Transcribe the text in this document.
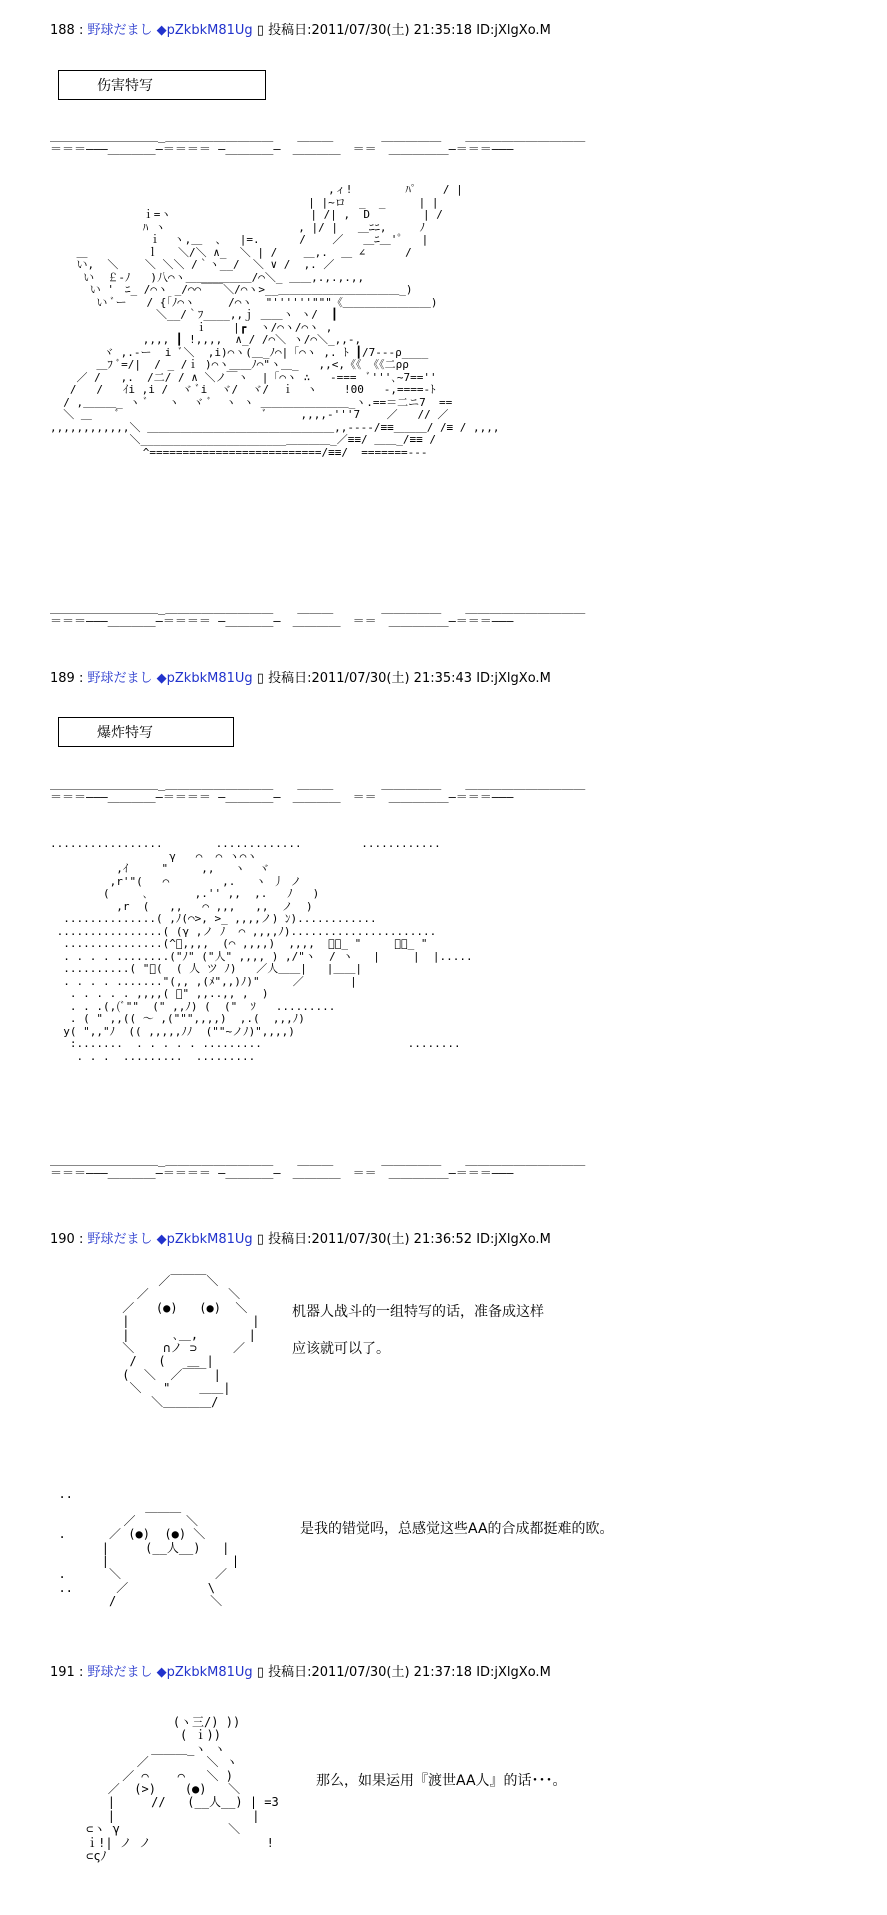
188 : 野球だまし ◆pZkbkM81Ug ▯ 投稿日:2011/07/30(土) 21:35:18 ID:jXlgXo.M
伤害特写
＿＿＿＿＿＿＿＿＿_＿＿＿＿＿＿＿＿＿　　＿＿＿　　　　＿＿＿＿＿　　＿＿＿＿＿＿＿＿＿＿
＝＝＝―――＿＿＿＿―＝＝＝＝ ―＿＿＿＿―　＿＿＿＿　＝＝　＿＿＿＿＿―＝＝＝―――
,ィ!        ﾊﾟ    / |
| |~ロ  _  _     | |
ｉ=ヽ                     | /| ,  D        | /
ﾊ ヽ                    , |/ |   ＿ﾆﾆ,     ﾉ
ｉ  ヽ,＿  、  |=.      /    ／   ＿ﾆ＿'゜  |
＿         ｌ   ＼/＼ ∧_  ＼ | /    ＿,.  ＿ ∠      /
い,  ＼    ＼ ＼＼ /｀ヽ__/  ＼ ∨ /  ,. ／
い  ￡-ﾉ   )八⌒ヽ＿＿＿＿＿＿/⌒＼_ ＿＿,.,.,.,,
い '　ﾆ_ /⌒ヽ _/⌒⌒￣￣＼/⌒ヽ>__＿＿＿＿＿＿＿＿＿＿＿_)
い ﾞー   / {「ﾉ⌒ヽ     /⌒ヽ  "''''''"""《＿＿＿＿＿＿＿＿)
＼__/｀ﾌ____,,ｊ ＿＿ヽ ヽ/  ┃
ｉ    |┏  ヽ/⌒ヽ/⌒ヽ ,
,,,, ┃ !,,,,  ∧_/ /⌒＼ ヽ/⌒＼_,,-,
ヾ ,.-ー  i ﾞ＼  ,i)⌒ヽ(＿_ﾉ⌒|「⌒ヽ ,. ﾄ ┃/7---ρ____
＿ﾌ ﾞ=/|  / _ /ｉ )⌒ヽ＿＿ﾉ⌒"ヽ＿_   ,,<,《《 《《二ρρ
／ /   ,.  /二/ / ∧ ＼ノ￣ヽ  |「⌒ヽ ∴   -===  ﾞ'''､~7==''
/   /   ｲi ,i /  ヾ ﾞi  ヾ/  ヾ/  ｉ  ヽ    !00   -,====-ﾄ
/ ,＿＿＿_ ヽ ﾞ   ヽ  ヾ ﾞ  ヽ ヽ ＿＿＿＿＿＿＿＿_ヽ.==＝二ニ7  ==
＼ ＿    ﾞ                      ﾞ     ,,,,-'''7    ／   // ／
,,,,,,,,,,,,＼ ＿＿＿＿＿＿＿＿＿＿＿＿＿＿＿＿＿,,----/≡≡＿＿＿/ /≡ / ,,,,
＼______________________＿＿＿＿_／≡≡/ ＿＿_/≡≡ /
^==========================/≡≡/  =======---
＿＿＿＿＿＿＿＿＿_＿＿＿＿＿＿＿＿＿　　＿＿＿　　　　＿＿＿＿＿　　＿＿＿＿＿＿＿＿＿＿
＝＝＝―――＿＿＿＿―＝＝＝＝ ―＿＿＿＿―　＿＿＿＿　＝＝　＿＿＿＿＿―＝＝＝―――
189 : 野球だまし ◆pZkbkM81Ug ▯ 投稿日:2011/07/30(土) 21:35:43 ID:jXlgXo.M
爆炸特写
＿＿＿＿＿＿＿＿＿_＿＿＿＿＿＿＿＿＿　　＿＿＿　　　　＿＿＿＿＿　　＿＿＿＿＿＿＿＿＿＿
＝＝＝―――＿＿＿＿―＝＝＝＝ ―＿＿＿＿―　＿＿＿＿　＝＝　＿＿＿＿＿―＝＝＝―――
.................        .............         ............
γ   ⌒  ⌒ ヽ⌒ヽ
,ｲ     "     ,,   ヽ  ヾ
,r'"(   ⌒        ,.   ヽ 丿 ノ
(     ､       ,.'' ,,  ,.   ﾉ   )
,r  (   ,,   ⌒ ,,,   ,,  ノ  )
..............( ,ﾉ(⌒>, >_ ,,,,ノ) ﾝ)............
................( (γ ,ノ ﾉ  ⌒ ,,,,ﾉ)......................
...............(^ﾞ,,,,  (⌒ ,,,,)  ,,,,  ＿＿_ "     ＿＿_ "
. . . . ........("ﾉ" ("人" ,,,, ) ,/"ヽ  / ヽ   |     |  |.....
..........( "ﾞ(  ( 人 ツ ﾉ)   ／人＿＿|   |＿＿|
. . . . ......."(,, ,(ﾒ",,)ﾉ)"     ／       |
. . . . . ,,,,( ﾞ" ,,..,, ,  )
. . .(,(ﾞ""  (" ,,ﾉ) (  ("  ｿ   .........
. ( " ,,(( ～ ,(""",,,,)  ,.(  ,,,ﾉ)
y( ",,"ﾉ  (( ,,,,,ﾉﾉ  (""~ノﾉ)",,,,)
:.......  . . . . . .........                      ........
. . .  .........  .........
＿＿＿＿＿＿＿＿＿_＿＿＿＿＿＿＿＿＿　　＿＿＿　　　　＿＿＿＿＿　　＿＿＿＿＿＿＿＿＿＿
＝＝＝―――＿＿＿＿―＝＝＝＝ ―＿＿＿＿―　＿＿＿＿　＝＝　＿＿＿＿＿―＝＝＝―――
190 : 野球だまし ◆pZkbkM81Ug ▯ 投稿日:2011/07/30(土) 21:36:52 ID:jXlgXo.M
／￣￣￣＼
／           ＼
／   (●)   (●)  ＼
|                 |
|      ､＿,       |
＼    ∩ノ ⊃     ／
/   (   ＿ |
(  ＼  ／￣￣ |
＼   "    ＿＿|
＼＿＿＿＿/
机器人战斗的一组特写的话，准备成这样
应该就可以了。
..
＿＿＿
／       ＼
.      ／ (●)  (●) ＼
|     (__人__)   |
|                 |
.      ＼             ／
..      ／           \
/             ＼
是我的错觉吗，总感觉这些AA的合成都挺难的欧。
191 : 野球だまし ◆pZkbkM81Ug ▯ 投稿日:2011/07/30(土) 21:37:18 ID:jXlgXo.M
(ヽ三/) ))
( ｉ))
＿＿＿_ヽ ヽ
／        ＼ ヽ
／ ⌒    ⌒   ＼ )
／  (>)    (●)   ＼
|     //   (__人__) | =3
|                   |
⊂ヽ γ               ＼
ｉ!| ノ ノ                !
⊂ςﾉ
那么，如果运用『渡世AA人』的话･･･。
